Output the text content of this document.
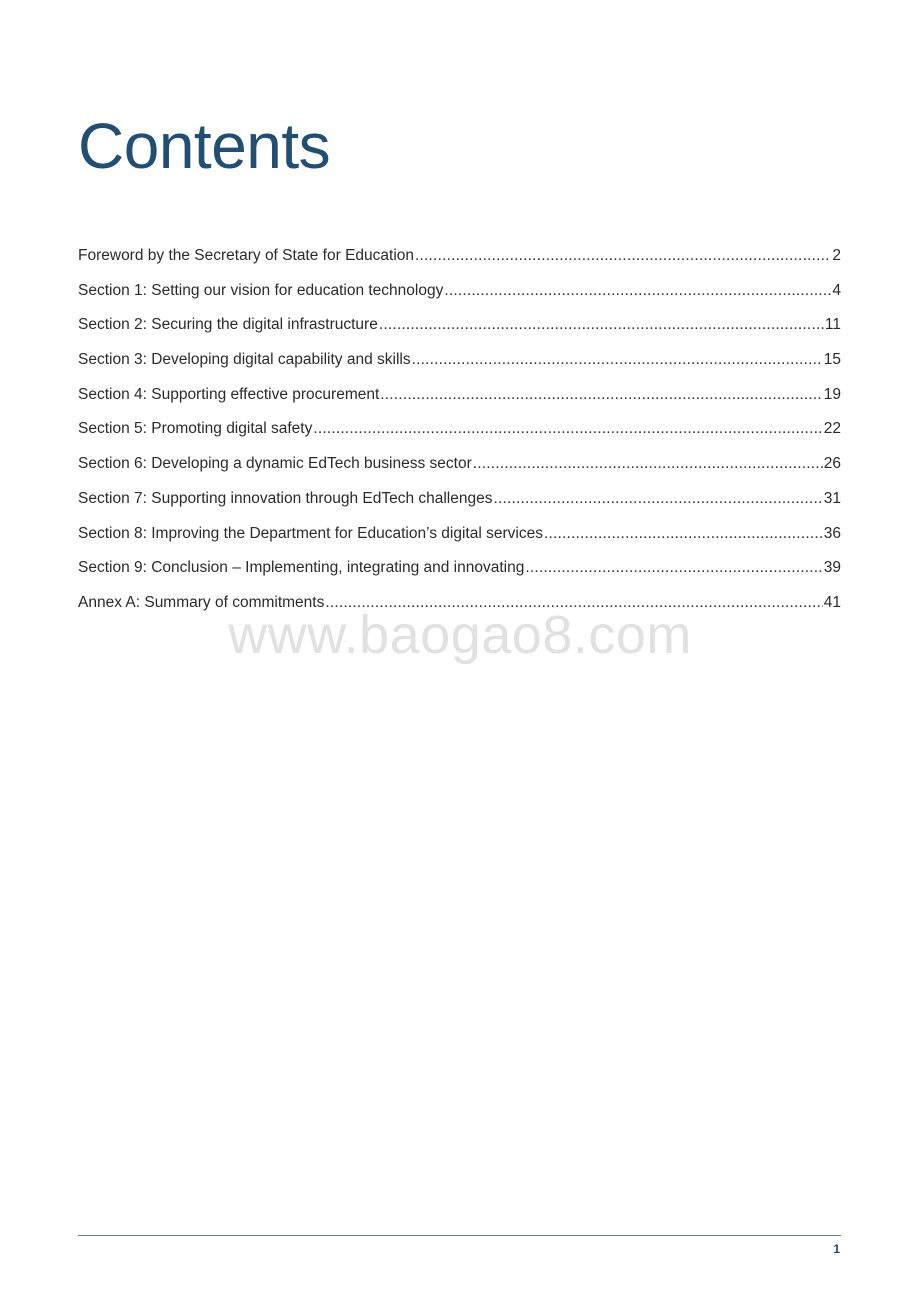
Contents
Foreword by the Secretary of State for Education .....	2
Section 1: Setting our vision for education technology .....	4
Section 2: Securing the digital infrastructure .....	11
Section 3: Developing digital capability and skills .....	15
Section 4: Supporting effective procurement .....	19
Section 5: Promoting digital safety .....	22
Section 6: Developing a dynamic EdTech business sector .....	26
Section 7: Supporting innovation through EdTech challenges .....	31
Section 8: Improving the Department for Education’s digital services .....	36
Section 9: Conclusion – Implementing, integrating and innovating .....	39
Annex A: Summary of commitments .....	41
www.baogao8.com
1
